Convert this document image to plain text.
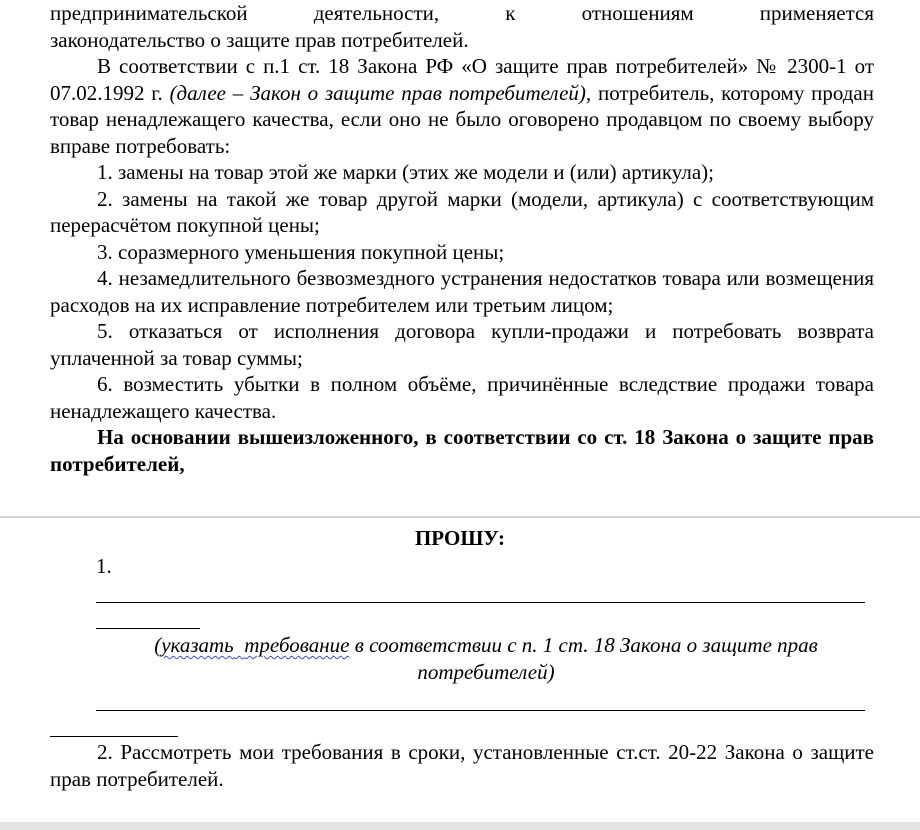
предпринимательской деятельности, к отношениям применяется

законодательство о защите прав потребителей.

В соответствии с п.1 ст. 18 Закона РФ «О защите прав потребителей» № 2300-1 от 07.02.1992 г. (далее – Закон о защите прав потребителей), потребитель, которому продан товар ненадлежащего качества, если оно не было оговорено продавцом по своему выбору вправе потребовать:

1. замены на товар этой же марки (этих же модели и (или) артикула);

2. замены на такой же товар другой марки (модели, артикула) с соответствующим перерасчётом покупной цены;

3. соразмерного уменьшения покупной цены;

4. незамедлительного безвозмездного устранения недостатков товара или возмещения расходов на их исправление потребителем или третьим лицом;

5. отказаться от исполнения договора купли-продажи и потребовать возврата уплаченной за товар суммы;

6. возместить убытки в полном объёме, причинённые вследствие продажи товара ненадлежащего качества.

На основании вышеизложенного, в соответствии со ст. 18 Закона о защите прав потребителей,

ПРОШУ:
1.
(указать требование в соответствии с п. 1 ст. 18 Закона о защите прав потребителей)

2. Рассмотреть мои требования в сроки, установленные ст.ст. 20-22 Закона о защите прав потребителей.
